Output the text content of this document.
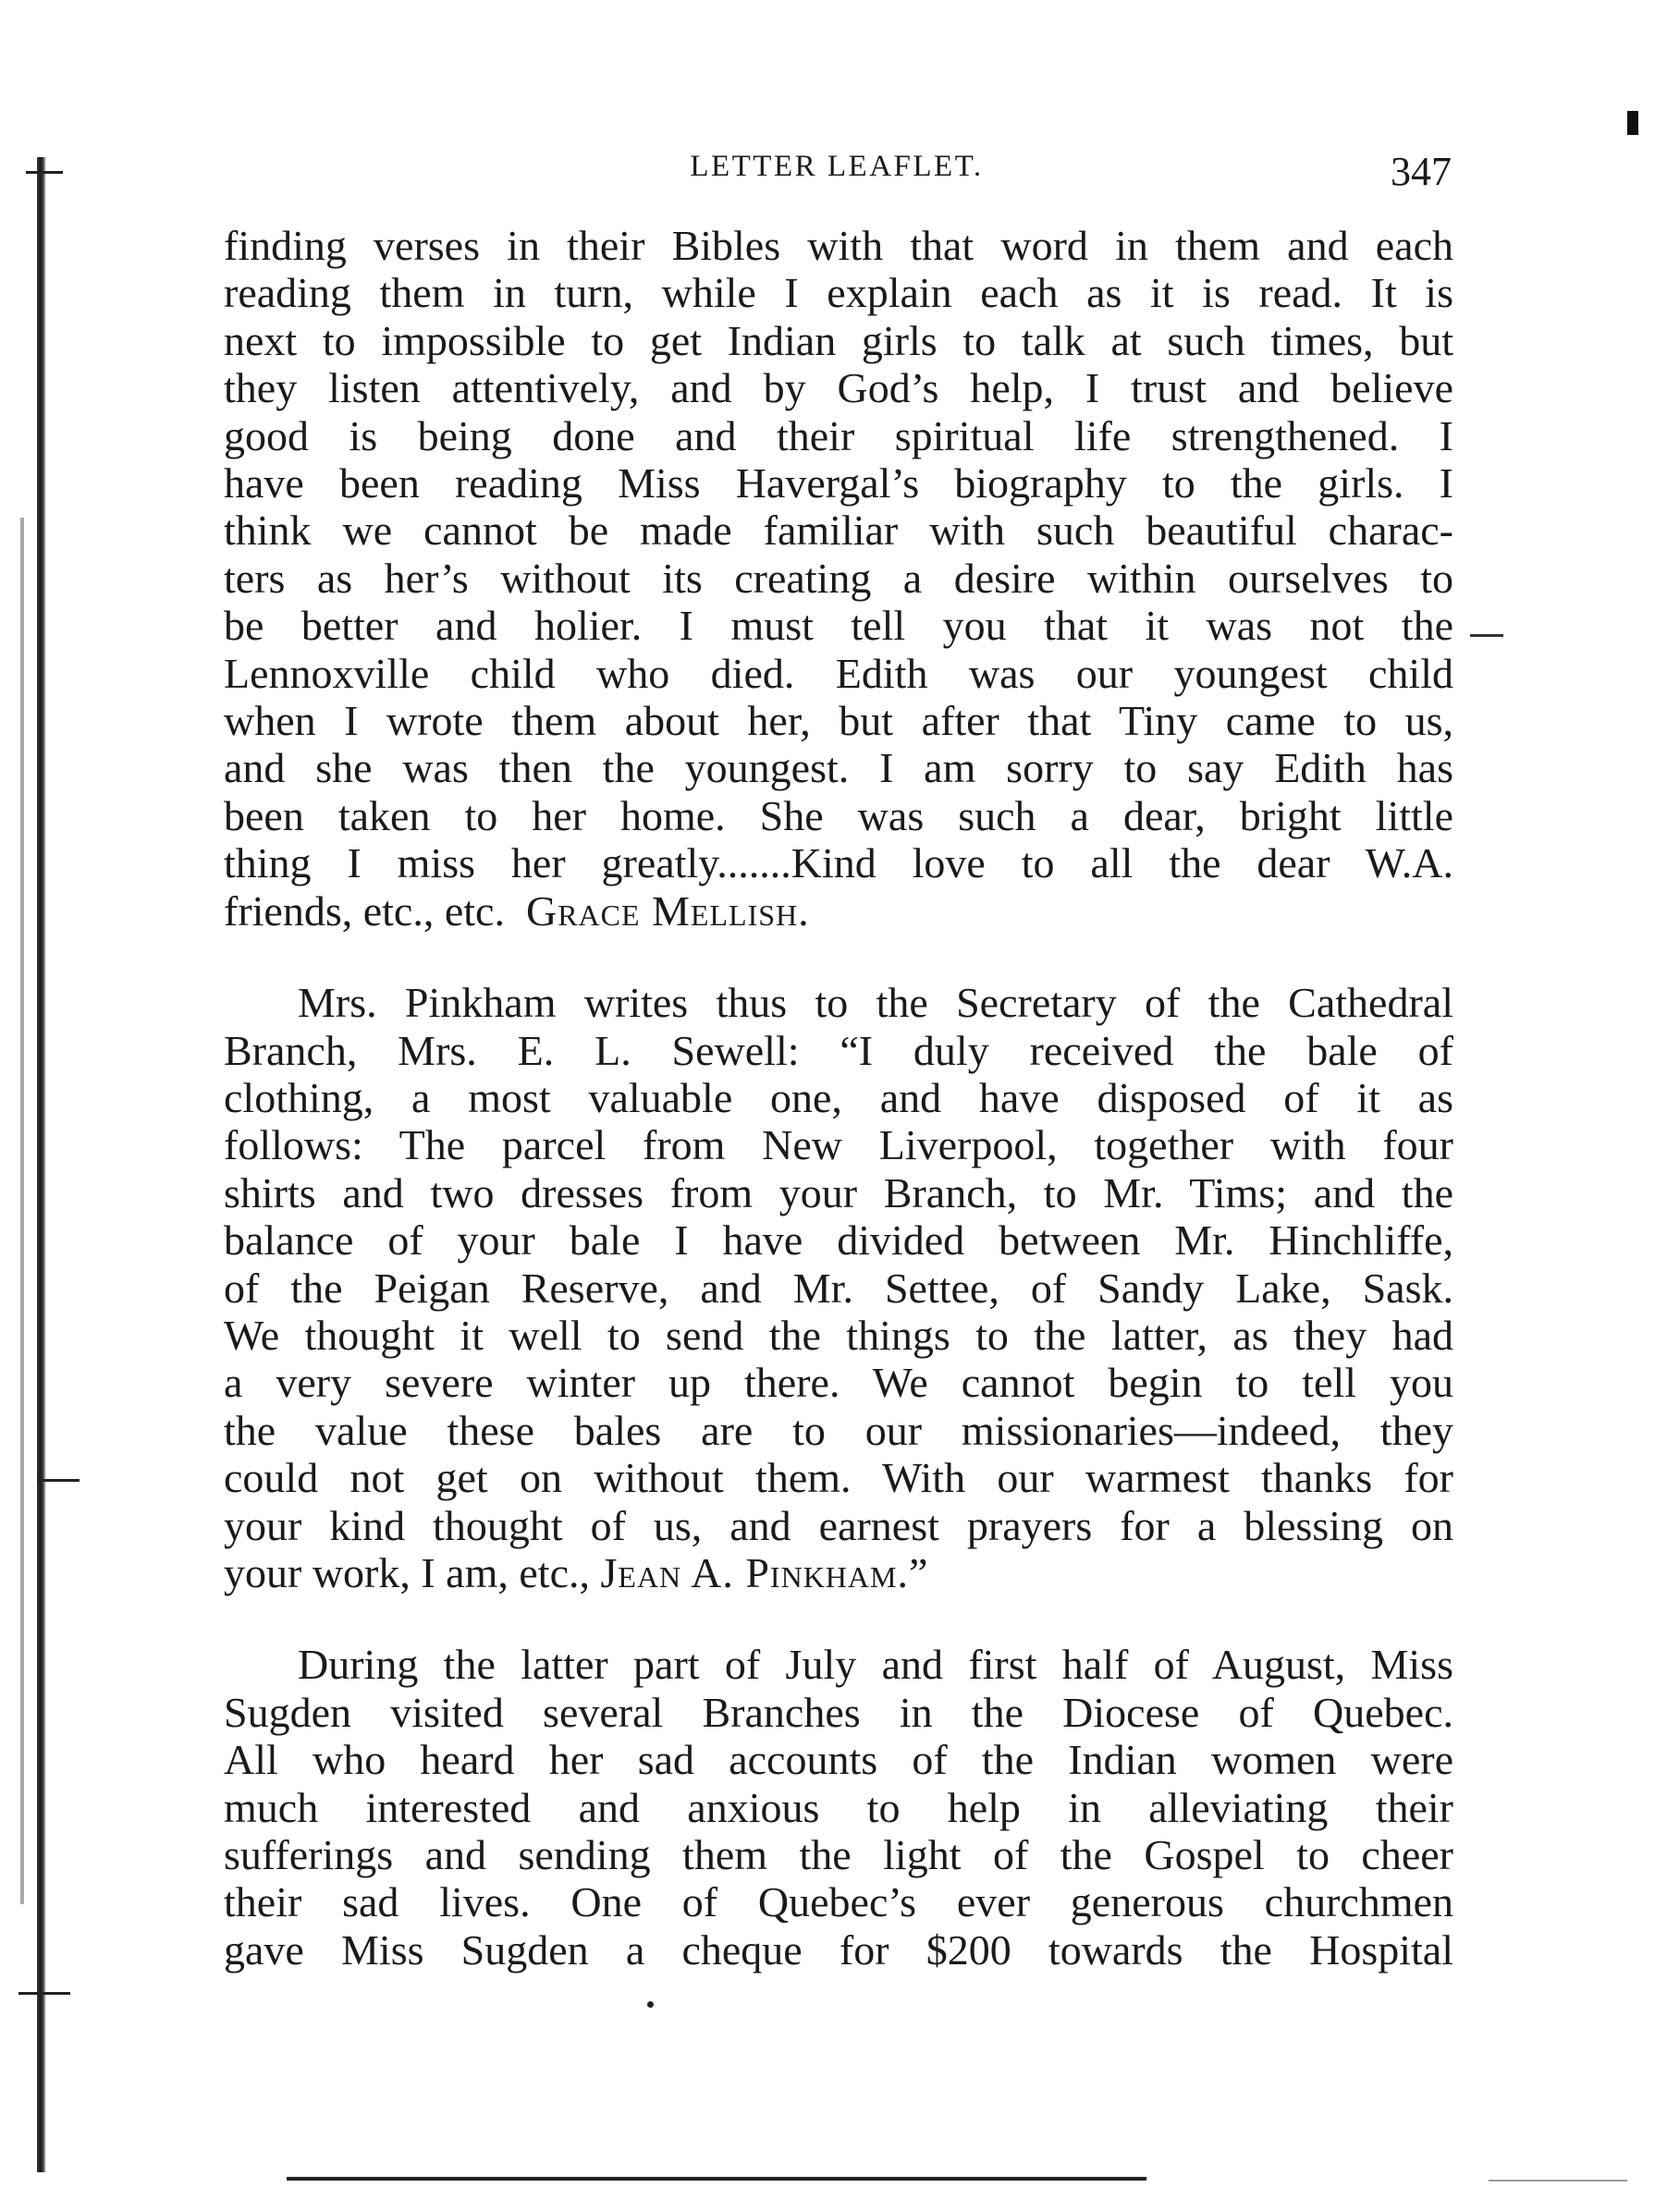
LETTER LEAFLET.	347

finding verses in their Bibles with that word in them and each
reading them in turn, while I explain each as it is read. It is
next to impossible to get Indian girls to talk at such times, but
they listen attentively, and by God’s help, I trust and believe
good is being done and their spiritual life strengthened. I
have been reading Miss Havergal’s biography to the girls. I
think we cannot be made familiar with such beautiful charac-
ters as her’s without its creating a desire within ourselves to
be better and holier. I must tell you that it was not the
Lennoxville child who died. Edith was our youngest child
when I wrote them about her, but after that Tiny came to us,
and she was then the youngest. I am sorry to say Edith has
been taken to her home. She was such a dear, bright little
thing I miss her greatly.......Kind love to all the dear W.A.
friends, etc., etc. Grace Mellish.

Mrs. Pinkham writes thus to the Secretary of the Cathedral
Branch, Mrs. E. L. Sewell: “I duly received the bale of
clothing, a most valuable one, and have disposed of it as
follows: The parcel from New Liverpool, together with four
shirts and two dresses from your Branch, to Mr. Tims; and the
balance of your bale I have divided between Mr. Hinchliffe,
of the Peigan Reserve, and Mr. Settee, of Sandy Lake, Sask.
We thought it well to send the things to the latter, as they had
a very severe winter up there. We cannot begin to tell you
the value these bales are to our missionaries—indeed, they
could not get on without them. With our warmest thanks for
your kind thought of us, and earnest prayers for a blessing on
your work, I am, etc., Jean A. Pinkham.”

During the latter part of July and first half of August, Miss
Sugden visited several Branches in the Diocese of Quebec.
All who heard her sad accounts of the Indian women were
much interested and anxious to help in alleviating their
sufferings and sending them the light of the Gospel to cheer
their sad lives. One of Quebec’s ever generous churchmen
gave Miss Sugden a cheque for $200 towards the Hospital
